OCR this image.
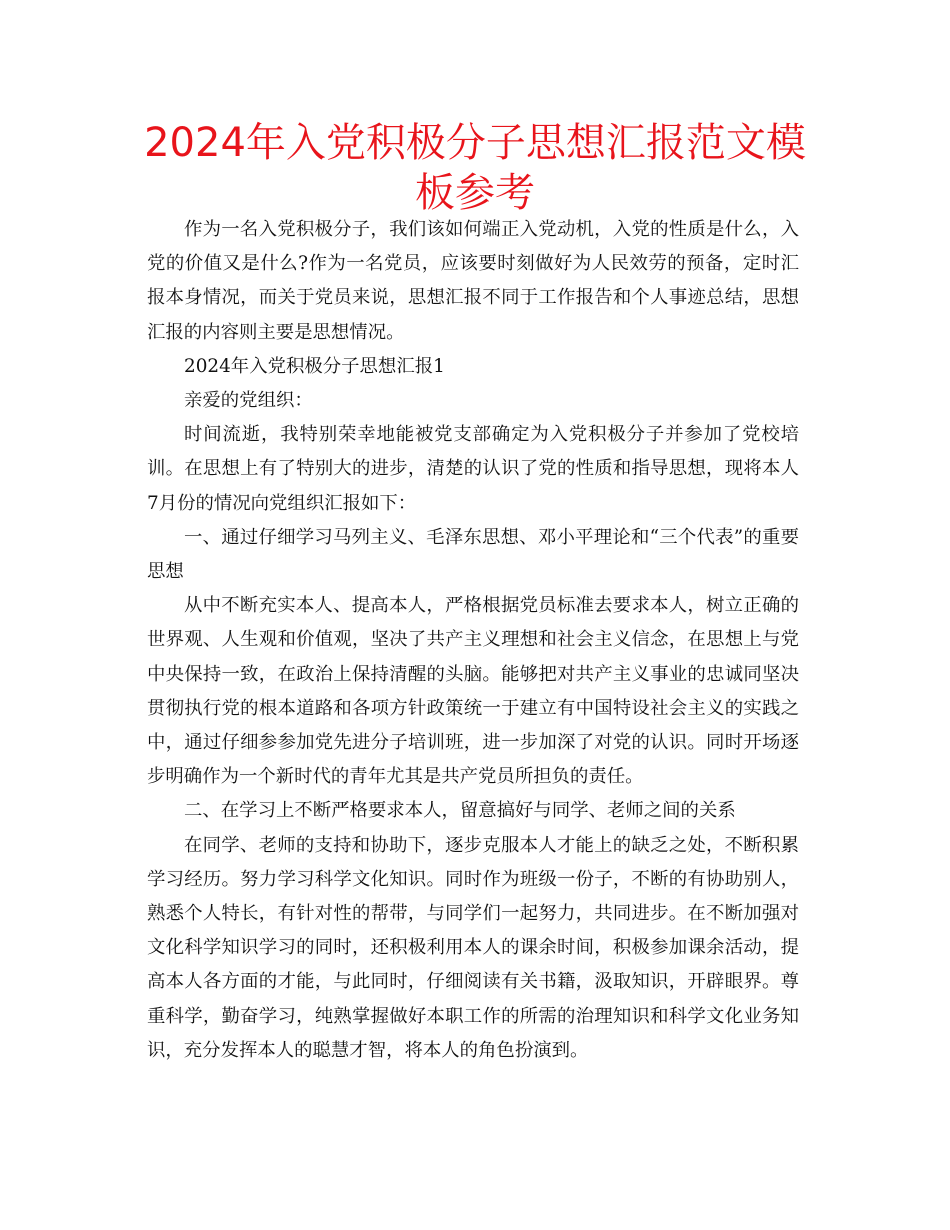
2024年入党积极分子思想汇报范文模板参考

作为一名入党积极分子，我们该如何端正入党动机，入党的性质是什么，入党的价值又是什么?作为一名党员，应该要时刻做好为人民效劳的预备，定时汇报本身情况，而关于党员来说，思想汇报不同于工作报告和个人事迹总结，思想汇报的内容则主要是思想情况。

2024年入党积极分子思想汇报1

亲爱的党组织：

时间流逝，我特别荣幸地能被党支部确定为入党积极分子并参加了党校培训。在思想上有了特别大的进步，清楚的认识了党的性质和指导思想，现将本人7月份的情况向党组织汇报如下：

一、通过仔细学习马列主义、毛泽东思想、邓小平理论和“三个代表”的重要思想

从中不断充实本人、提高本人，严格根据党员标准去要求本人，树立正确的世界观、人生观和价值观，坚决了共产主义理想和社会主义信念，在思想上与党中央保持一致，在政治上保持清醒的头脑。能够把对共产主义事业的忠诚同坚决贯彻执行党的根本道路和各项方针政策统一于建立有中国特设社会主义的实践之中，通过仔细参参加党先进分子培训班，进一步加深了对党的认识。同时开场逐步明确作为一个新时代的青年尤其是共产党员所担负的责任。

二、在学习上不断严格要求本人，留意搞好与同学、老师之间的关系

在同学、老师的支持和协助下，逐步克服本人才能上的缺乏之处，不断积累学习经历。努力学习科学文化知识。同时作为班级一份子，不断的有协助别人，熟悉个人特长，有针对性的帮带，与同学们一起努力，共同进步。在不断加强对文化科学知识学习的同时，还积极利用本人的课余时间，积极参加课余活动，提高本人各方面的才能，与此同时，仔细阅读有关书籍，汲取知识，开辟眼界。尊重科学，勤奋学习，纯熟掌握做好本职工作的所需的治理知识和科学文化业务知识，充分发挥本人的聪慧才智，将本人的角色扮演到。
